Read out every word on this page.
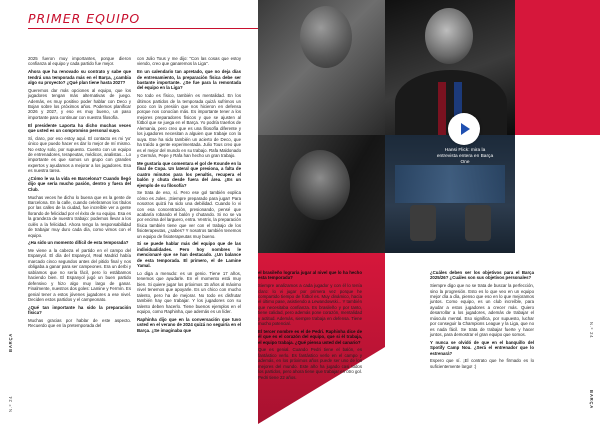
BARÇA
N.º 24
PRIMER EQUIPO

2025 fueron muy importantes, porque dieron confianza al equipo y cada partido fue mejor.

Ahora que ha renovado su contrato y sabe que tendrá una temporada más en el Barça, ¿cambia algo su proyecto? ¿Qué plan tiene hasta 2027?

Queremos dar más opciones al equipo, que los jugadores tengan más alternativas de juego. Además, es muy positivo poder hablar con Deco y Bojan sobre los próximos años. Podemos planificar 2026 y 2027, y eso es muy bueno, un paso importante para continuar con nuestra filosofía.

El presidente Laporta ha dicho muchas veces que usted es un compromiso personal suyo.

Sí, claro, por eso estoy aquí. El contacto es mi 'yo' único que puedo hacer es dar lo mejor de mí mismo. No estoy solo, por supuesto. Cuento con un equipo de entrenadores, terapeutas, médicos, analistas... Lo importante es que somos un grupo con grandes expertos y ayudamos a mejorar a los jugadores. Esa es nuestra tarea.

¿Cómo le va la vida en Barcelona? Cuando llegó dijo que sería mucho pasión, dentro y fuera del Club.

Muchas veces he dicho lo buena que es la gente de Barcelona. En la calle, cuando celebramos los títulos por las calles de la ciudad, fue increíble ver a gente llorando de felicidad por el éxito de su equipo. Esa es la grandeza de nuestro trabajo: podemos llevar a los culés a la felicidad. Ahora tengo la responsabilidad de trabajar muy duro cada día, como vimos con el equipo.

¿Ha sido un momento difícil de esta temporada?

Me viene a la cabeza el partido en el campo del Espanyol. El día del Espanyol, Real Madrid había marcado cinco segundos antes del pitido final y nos obligaba a ganar para ser campeones. Era un derbi y sabíamos que no sería fácil, pero lo estábamos haciendo bien. El Espanyol jugó un buen partido defensivo y hizo algo muy largo de ganar. Finalmente, nuestros dos goles: Lamine y Fermín. Es genial tener a estos jóvenes jugadores a ese nivel. Deciden estos partidos y el campeonato.

¿Qué tan importante ha sido la preparación física?

Muchas gracias por hablar de este aspecto. Recuerdo que en la pretemporada del

con Julio Tous y me dijo: "Con las cosas que estoy viendo, creo que ganaremos la Liga".

En un calendario tan apretado, que no deja días de entrenamiento, la preparación física debe ser bastante importante. ¿Se fue para la remontada del equipo en la Liga?

No todo es físico, también es mentalidad. En los últimos partidos de la temporada quizá sufrimos un poco con la presión que nos hicieron en defensa porque nos conocían más. Es importante tener a los mejores preparadores físicos y que se ajusten al fútbol que se juega en el Barça. Yo podría traerlos de Alemania, pero creo que es una filosofía diferente y los jugadores necesitan a alguien que trabaje con la suya. Ese ha sido también un acierto de Deco, que ha traído a gente experimentada. Julio Tous creo que es el mejor del mundo en su trabajo. Rafa Maldonado y Germán, Pepe y Rafa han hecho un gran trabajo.

Me gustaría que comentara el gol de Kounde en la final de Copa. Un lateral que presiona, a falta de cuatro minutos para los penaltis, recupera el balón y chuta desde fuera del área. ¿Es un ejemplo de su filosofía?

Se trata de eso, sí. Pero ese gol también explica cómo es Jules. ¡Siempre preparado para jugar! Para nosotros quizá ha sido una debilidad. Cuando lo vi con esa concentración, presionando, pensé que acabaría robando el balón y chutando. Si no se va por encima del larguero, entra. Ventrix, la preparación física también tiene que ver con el trabajo de los fisioterapeutas, ¿sabes? Y nosotros también tenemos un equipo de fisioterapeutas muy bueno.

Si se puede hablar más del equipo que de las individualidades. Pero hoy nombres le mencionaré que se han destacado. ¿Un balance de esta temporada. El primero, el de Lamine Yamal.

Lo diga a menudo: es un genio. Tiene 17 años, tenemos que ayudarle. En el momento está muy bien. Si quiere jugar los próximos 15 años al máximo nivel tenemos que apoyarle. Es un chico con mucho talento, pero ha de mejorar. No todo es disfrutar también hay que trabajar. Y los jugadores con su talento deben hacerlo. Tiene buenos ejemplos en el equipo, como Raphinha, que además es un líder.

Raphinha dijo que en la conversación que tuvo usted en el verano de 2024 quizá no seguiría en el Barça. ¿Se imaginaba que	N.º 24
BARÇA
Hansi Flick: mira la entrevista entera en Barça One

el brasileño lograría jugar al nivel que lo ha hecho esta temporada?

Siempre analizamos a cada jugador y con él lo tenía claro: lo vi jugar por primera vez porque he compartido tiempo de fútbol es. Muy dinámico, hacía el último pase, asistiendo a Lewandowski... Y también que necesitaba confianza. Es brasileño y por tanto, tiene calidad, pero además pone corazón, mentalidad y actitud. Además, siempre trabaja en defensa. Tiene mucho potencial.

El tercer nombre es el de Pedri. Raphinha dice de él que es el corazón del equipo, que si él trabaja, el equipo trabaja. ¿Qué piensa usted del canario?

Que es genial. Cuando Pedri tiene el balón, es fantástico verlo. Es fantástico verlo en el campo y además, en los próximos años puede ser uno de los mejores del mundo. Este año ha jugado casi todos los partidos, pero ahora tiene que trabajar en otro gol. Pedri tiene 22 años.

¿Cuáles deben ser los objetivos para el Barça 2025/26? ¿Cuáles son sus objetivos personales?

Siempre digo que no se trata de buscar la perfección, sino la progresión. Esto es lo que veo en un equipo mejor día a día, pienso que eso en lo que mejoramos juntos. Como equipo, es un club increíble, para ayudar a estos jugadores a crecer más. Quiero desarrollar a los jugadores, además de trabajar el músculo mental. Eso significa, por supuesto, luchar por conseguir la Champions League y la Liga, que no es nada fácil. Se trata de trabajar fuerte y hacer juntos, para demostrar el gran equipo que somos.

Y nunca se olvidó de que en el banquillo del Spotify Camp Nou. ¿Será el entrenador que lo estrenará?

Espero que sí. ¡El contrato que he firmado es lo suficientemente largo! :)
